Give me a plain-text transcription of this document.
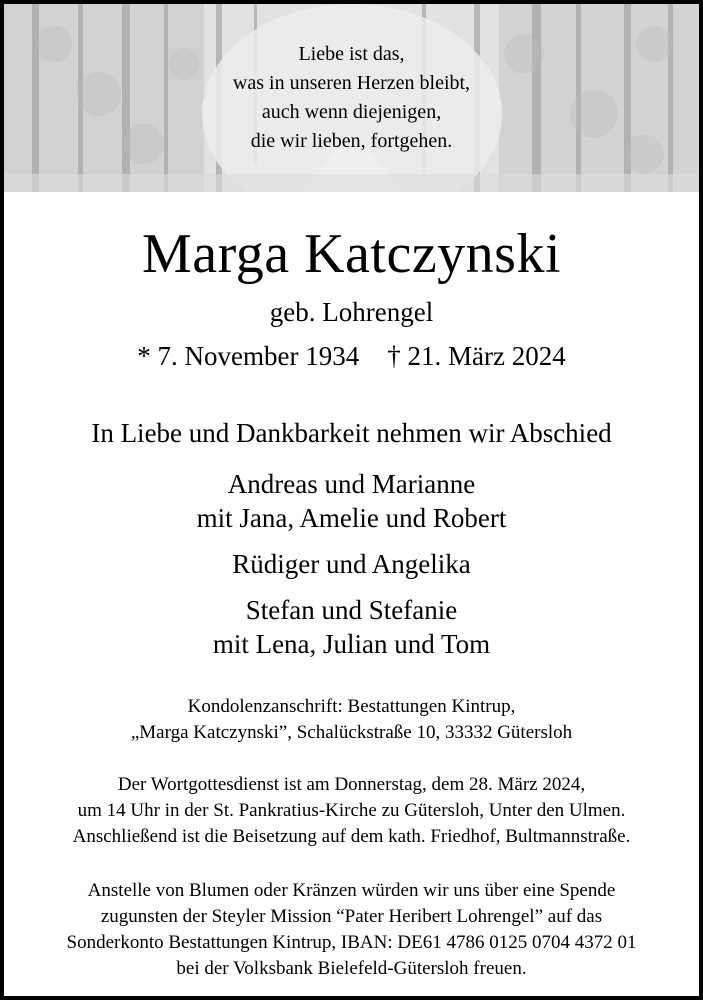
Liebe ist das,
was in unseren Herzen bleibt,
auch wenn diejenigen,
die wir lieben, fortgehen.
Marga Katczynski
geb. Lohrengel
* 7. November 1934 † 21. März 2024
In Liebe und Dankbarkeit nehmen wir Abschied
Andreas und Marianne
mit Jana, Amelie und Robert
Rüdiger und Angelika
Stefan und Stefanie
mit Lena, Julian und Tom
Kondolenzanschrift: Bestattungen Kintrup,
„Marga Katczynski”, Schalückstraße 10, 33332 Gütersloh
Der Wortgottesdienst ist am Donnerstag, dem 28. März 2024,
um 14 Uhr in der St. Pankratius-Kirche zu Gütersloh, Unter den Ulmen.
Anschließend ist die Beisetzung auf dem kath. Friedhof, Bultmannstraße.
Anstelle von Blumen oder Kränzen würden wir uns über eine Spende
zugunsten der Steyler Mission “Pater Heribert Lohrengel” auf das
Sonderkonto Bestattungen Kintrup, IBAN: DE61 4786 0125 0704 4372 01
bei der Volksbank Bielefeld-Gütersloh freuen.
